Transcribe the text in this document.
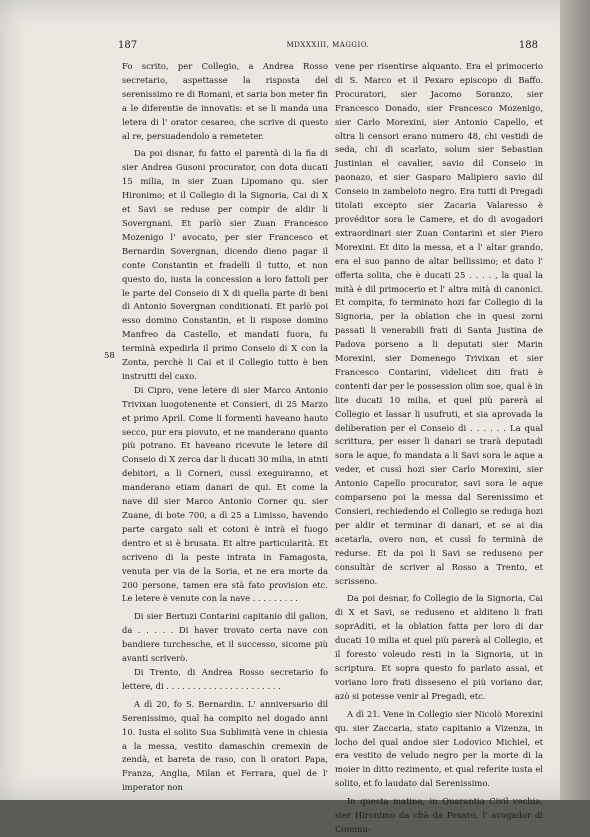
187	MDXXXIII, MAGGIO.	188
58

Fo scrito, per Collegio, a Andrea Rosso secretario, aspettasse la risposta del serenissimo re di Romani, et saria bon meter fin a le diferentie de innovatis: et se li manda una letera di l' orator cesareo, che scrive di questo al re, persuadendolo a remeteter.

Da poi disnar, fu fatto el parentà di la fia di sier Andrea Gusoni procurator, con dota ducati 15 milia, in sier Zuan Lipomano qu. sier Hironimo; et il Collegio di la Signoria, Cai di X et Savi se reduse per compir de aldir li Sovergnani. Et parlò sier Zuan Francesco Mozenigo l' avocato, per sier Francesco et Bernardin Sovergnan, dicendo dieno pagar il conte Constantin et fradelli il tutto, et non questo do, iusta la concession a loro fattoli per le parte del Conseio di X di quella parte di beni di Antonio Sovergnan conditionati. Et parlò poi esso domino Constantin, et li rispose domino Manfreo da Castello, et mandati fuora, fu terminà expedirla il primo Conseio di X con la Zonta, perchè li Cai et il Collegio tutto è ben instrutti del caxo.

Di Cipro, vene letere di sier Marco Antonio Trivixan luogotenente et Consieri, di 25 Marzo et primo April. Come li formenti haveano hauto secco, pur era piovuto, et ne manderano quanto più potrano. Et haveano ricevute le letere dil Conseio di X zerca dar li ducati 30 milia, in atnti debitori, a li Corneri, cussì exeguiranno, et manderano etiam danari de qui. Et come la nave dil sier Marco Antonio Corner qu. sier Zuane, di bote 700, a dì 25 a Limisso, havendo parte cargato sali et cotoni è intrà el fuogo dentro et si è brusata. Et altre particularità. Et scriveno di la peste intrata in Famagosta, venuta per via de la Soria, et ne era morte da 200 persone, tamen era stà fato provision etc. Le letere è venute con la nave . . . . . . . . .

Di sier Bertuzi Contarini capitanio dil galion, da . . . . . Di haver trovato certa nave con bandiere turchesche, et il successo, sicome più avanti scriverò.

Di Trento, di Andrea Rosso secretario fo lettere, di . . . . . . . . . . . . . . . . . . . . . .

A dì 20, fo S. Bernardin. L' anniversario dil Serenissimo, qual ha compito nel dogado anni 10. Iusta el solito Sua Sublimità vene in chiesia a la messa, vestito damaschin cremexin de zendà, et bareta de raso, con li oratori Papa, Franza, Anglia, Milan et Ferrara, quel de l' imperator non

vene per risentirse alquanto. Era el primocerio di S. Marco et il Pexaro episcopo di Baffo. Procuratori, sier Jacomo Soranzo, sier Francesco Donado, sier Francesco Mozenigo, sier Carlo Morexini, sier Antonio Capello, et oltra li censori erano numero 48, chi vestidi de seda, chi di scarlato, solum sier Sebastian Justinian el cavalier, savio dil Conseio in paonazo, et sier Gasparo Malipiero savio dil Conseio in zambeloto negro. Era tutti di Pregadi titolati excepto sier Zacaria Valaresso è provéditor sora le Camere, et do di avogadori extraordinari sier Zuan Contarini et sier Piero Morexini. Et dito la messa, et a l' altar grando, era el suo panno de altar bellissimo; et dato l' offerta solita, che è ducati 25 . . . . , la qual la mità è dil primocerio et l' altra mità di canonici. Et compita, fo terminato hozi far Collegio di la Signoria, per la oblation che in quesi zorni passati li venerabili frati di Santa Justina de Padova porseno a li deputati sier Marin Morexini, sier Domenego Trivixan et sier Francesco Contarini, videlicet diti frati è contenti dar per le possession olim soe, qual è in lite ducati 10 milia, et quel più parerà al Collegio et lassar li usufruti, et sia aprovada la deliberation per el Conseio di . . . . . . La qual scrittura, per esser li danari se trarà deputadi sora le aque, fo mandata a li Savi sora le aque a veder, et cussì hozi sier Carlo Morexini, sier Antonio Capello procurator, savi sora le aque comparseno poi la messa dal Serenissimo et Consieri, rechiedendo el Collegio se reduga hozi per aldir et terminar di danari, et se ai dia acetarla, overo non, et cussì fo terminà de redurse. Et da poi li Savi se reduseno per consultàr de scriver al Rosso a Trento, et scrisseno.

Da poi desnar, fo Collegio de la Signoria, Cai di X et Savi, se reduseno et alditeno li frati soprAditi, et la oblation fatta per loro di dar ducati 10 milia et quel più parerà al Collegio, et il foresto voleudo resti in la Signoria, ut in scriptura. Et sopra questo fo parlato assai, et voriano loro frati disseseno el più voriano dar, azò si potesse venir al Pregadi, etc.

A dì 21. Vene in Collegio sier Nicolò Morexini qu. sier Zaccaria, stato capitanio a Vizenza, in locho del qual andoe sier Lodovico Michiel, et era vestito de veludo negro per la morte di la moier in ditto rezimento, et qual referite iusta el solito, et fo laudato dal Serenissimo.

In questa matina, in Quarantia Civil vechia, sier Hironimo da chà da Pexaro, l' avogador di Commu-
